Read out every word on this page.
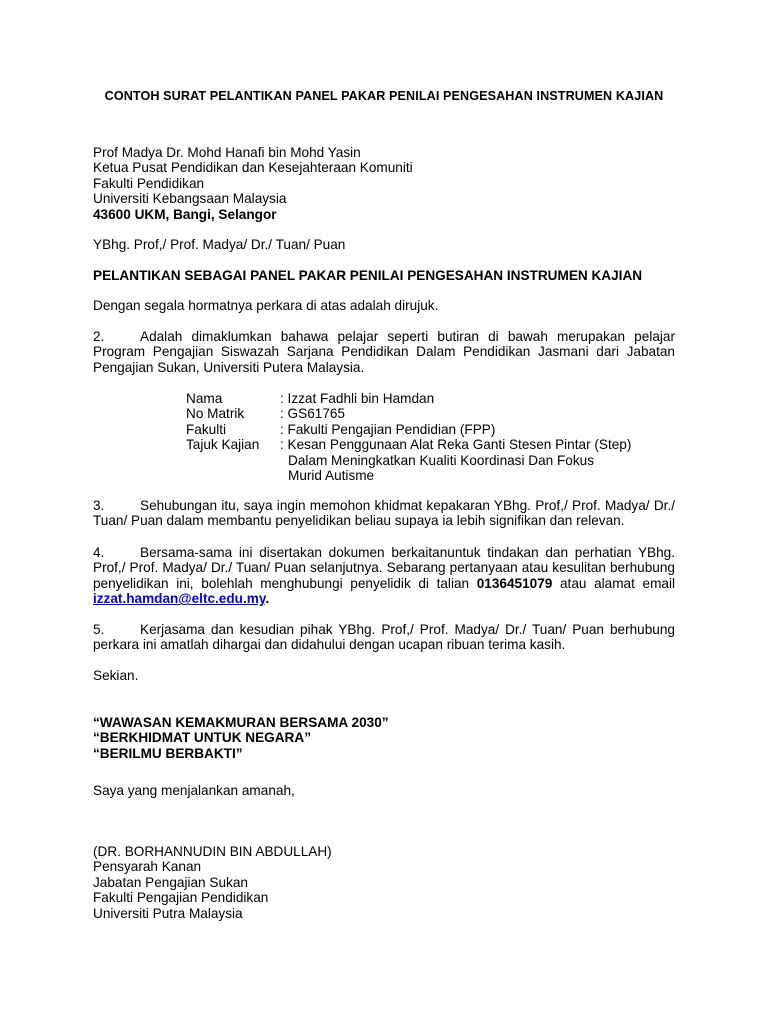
CONTOH SURAT PELANTIKAN PANEL PAKAR PENILAI PENGESAHAN INSTRUMEN KAJIAN
Prof Madya Dr. Mohd Hanafi bin Mohd Yasin
Ketua Pusat Pendidikan dan Kesejahteraan Komuniti
Fakulti Pendidikan
Universiti Kebangsaan Malaysia
43600 UKM, Bangi, Selangor
YBhg. Prof,/ Prof. Madya/ Dr./ Tuan/ Puan
PELANTIKAN SEBAGAI PANEL PAKAR PENILAI PENGESAHAN INSTRUMEN KAJIAN
Dengan segala hormatnya perkara di atas adalah dirujuk.
2.	Adalah dimaklumkan bahawa pelajar seperti butiran di bawah merupakan pelajar Program Pengajian Siswazah Sarjana Pendidikan Dalam Pendidikan Jasmani dari Jabatan Pengajian Sukan, Universiti Putera Malaysia.
Nama	: Izzat Fadhli bin Hamdan
No Matrik	: GS61765
Fakulti	: Fakulti Pengajian Pendidian (FPP)
Tajuk Kajian	: Kesan Penggunaan Alat Reka Ganti Stesen Pintar (Step)
Dalam Meningkatkan Kualiti Koordinasi Dan Fokus
Murid Autisme
3.	Sehubungan itu, saya ingin memohon khidmat kepakaran YBhg. Prof,/ Prof. Madya/ Dr./ Tuan/ Puan dalam membantu penyelidikan beliau supaya ia lebih signifikan dan relevan.
4.	Bersama-sama ini disertakan dokumen berkaitanuntuk tindakan dan perhatian YBhg. Prof,/ Prof. Madya/ Dr./ Tuan/ Puan selanjutnya. Sebarang pertanyaan atau kesulitan berhubung penyelidikan ini, bolehlah menghubungi penyelidik di talian 0136451079 atau alamat email izzat.hamdan@eltc.edu.my.
5.	Kerjasama dan kesudian pihak YBhg. Prof,/ Prof. Madya/ Dr./ Tuan/ Puan berhubung perkara ini amatlah dihargai dan didahului dengan ucapan ribuan terima kasih.
Sekian.
“WAWASAN KEMAKMURAN BERSAMA 2030”
“BERKHIDMAT UNTUK NEGARA”
“BERILMU BERBAKTI”
Saya yang menjalankan amanah,
(DR. BORHANNUDIN BIN ABDULLAH)
Pensyarah Kanan
Jabatan Pengajian Sukan
Fakulti Pengajian Pendidikan
Universiti Putra Malaysia
